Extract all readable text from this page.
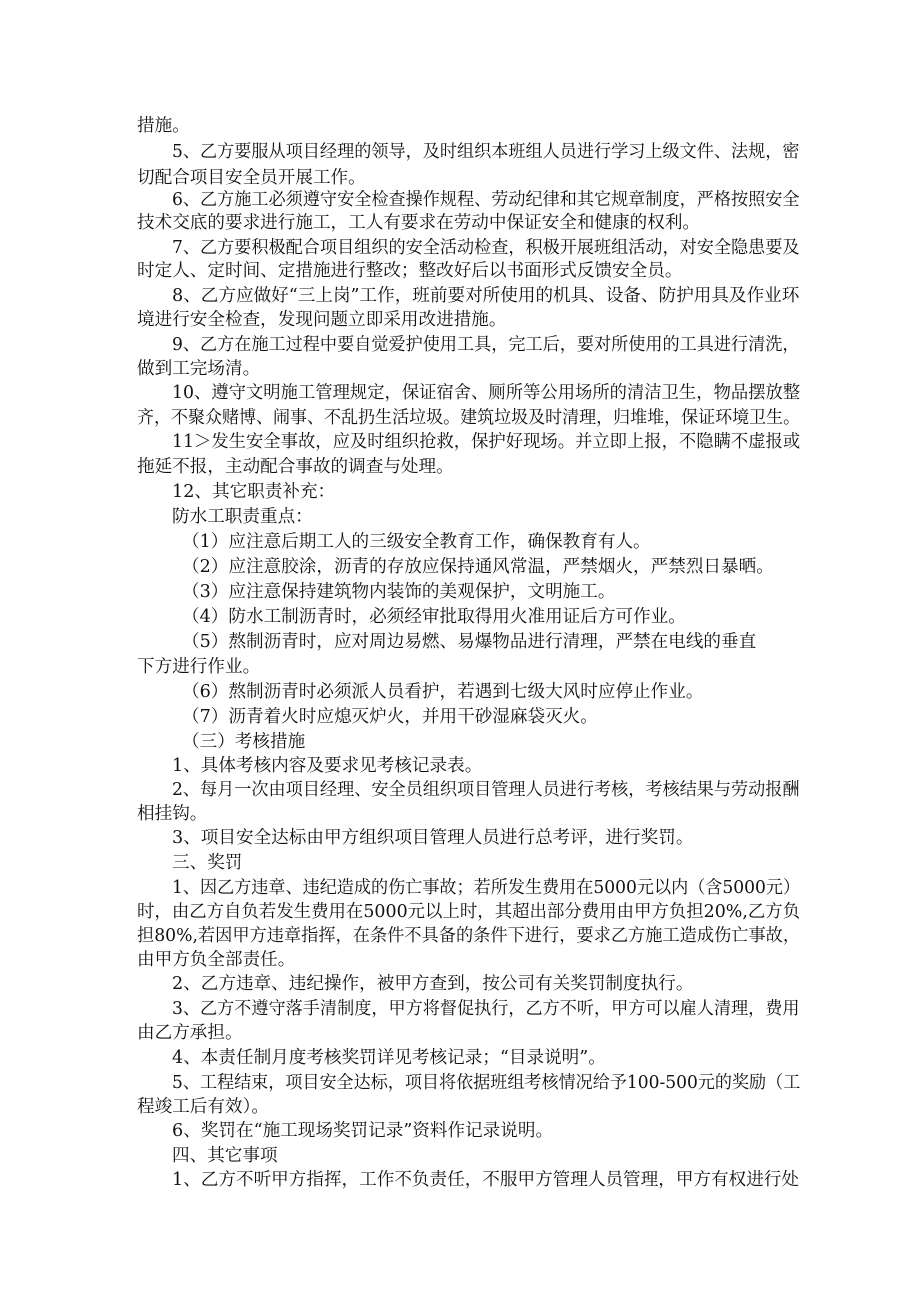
措施。
5、乙方要服从项目经理的领导，及时组织本班组人员进行学习上级文件、法规，密
切配合项目安全员开展工作。
6、乙方施工必须遵守安全检查操作规程、劳动纪律和其它规章制度，严格按照安全
技术交底的要求进行施工，工人有要求在劳动中保证安全和健康的权利。
7、乙方要积极配合项目组织的安全活动检查，积极开展班组活动，对安全隐患要及
时定人、定时间、定措施进行整改；整改好后以书面形式反馈安全员。
8、乙方应做好“三上岗”工作，班前要对所使用的机具、设备、防护用具及作业环
境进行安全检查，发现问题立即采用改进措施。
9、乙方在施工过程中要自觉爱护使用工具，完工后，要对所使用的工具进行清洗，
做到工完场清。
10、遵守文明施工管理规定，保证宿舍、厕所等公用场所的清洁卫生，物品摆放整
齐，不聚众赌博、闹事、不乱扔生活垃圾。建筑垃圾及时清理，归堆堆，保证环境卫生。
11＞发生安全事故，应及时组织抢救，保护好现场。并立即上报，不隐瞒不虚报或
拖延不报，主动配合事故的调查与处理。
12、其它职责补充：
防水工职责重点：
（1）应注意后期工人的三级安全教育工作，确保教育有人。
（2）应注意胶涂，沥青的存放应保持通风常温，严禁烟火，严禁烈日暴晒。
（3）应注意保持建筑物内装饰的美观保护，文明施工。
（4）防水工制沥青时，必须经审批取得用火准用证后方可作业。
（5）熬制沥青时，应对周边易燃、易爆物品进行清理，严禁在电线的垂直
下方进行作业。
（6）熬制沥青时必须派人员看护，若遇到七级大风时应停止作业。
（7）沥青着火时应熄灭炉火，并用干砂湿麻袋灭火。
（三）考核措施
1、具体考核内容及要求见考核记录表。
2、每月一次由项目经理、安全员组织项目管理人员进行考核，考核结果与劳动报酬
相挂钩。
3、项目安全达标由甲方组织项目管理人员进行总考评，进行奖罚。
三、奖罚
1、因乙方违章、违纪造成的伤亡事故；若所发生费用在5000元以内（含5000元）
时，由乙方自负若发生费用在5000元以上时，其超出部分费用由甲方负担20%,乙方负
担80%,若因甲方违章指挥，在条件不具备的条件下进行，要求乙方施工造成伤亡事故，
由甲方负全部责任。
2、乙方违章、违纪操作，被甲方查到，按公司有关奖罚制度执行。
3、乙方不遵守落手清制度，甲方将督促执行，乙方不听，甲方可以雇人清理，费用
由乙方承担。
4、本责任制月度考核奖罚详见考核记录；“目录说明”。
5、工程结束，项目安全达标，项目将依据班组考核情况给予100-500元的奖励（工
程竣工后有效）。
6、奖罚在“施工现场奖罚记录”资料作记录说明。
四、其它事项
1、乙方不听甲方指挥，工作不负责任，不服甲方管理人员管理，甲方有权进行处
